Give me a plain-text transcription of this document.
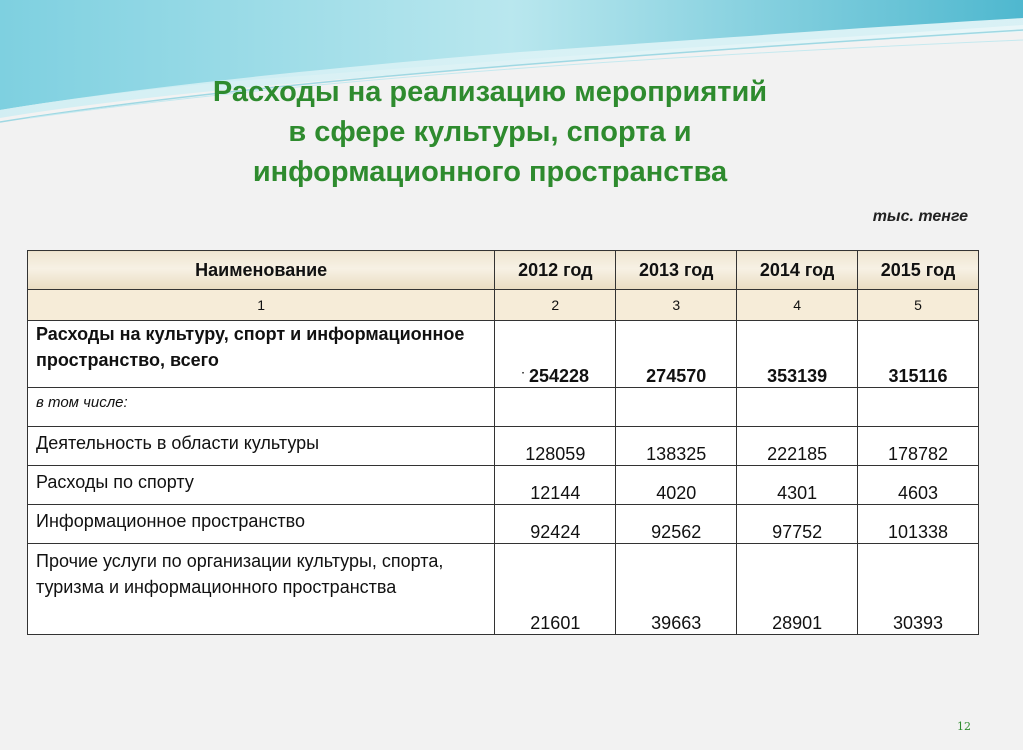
Расходы на реализацию мероприятий
в сфере культуры, спорта и
информационного пространства
тыс. тенге
Наименование	2012 год	2013 год	2014 год	2015 год
1	2	3	4	5
Расходы на культуру, спорт и информационное пространство, всего	· 254228	274570	353139	315116
в том числе:				
Деятельность в области культуры	128059	138325	222185	178782
Расходы по спорту	12144	4020	4301	4603
Информационное пространство	92424	92562	97752	101338
Прочие услуги по организации культуры, спорта, туризма и информационного пространства	21601	39663	28901	30393
12
